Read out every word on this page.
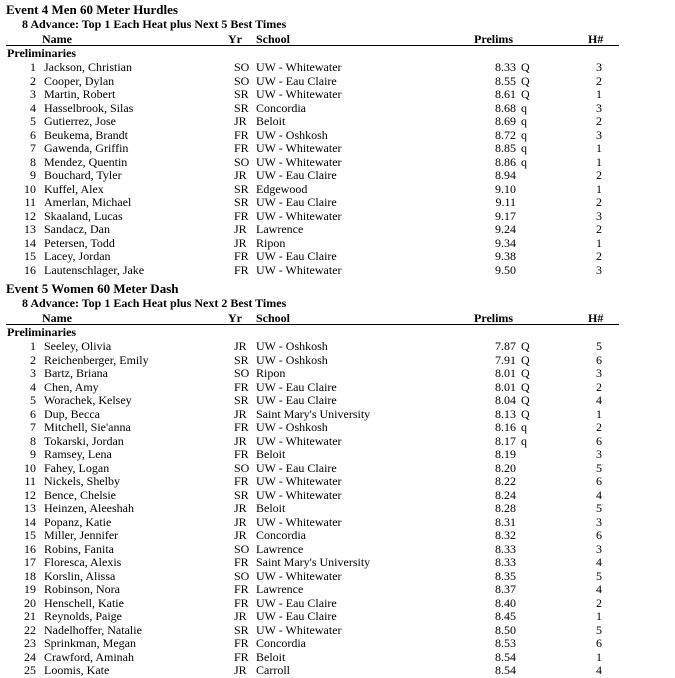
Event 4 Men 60 Meter Hurdles
8 Advance: Top 1 Each Heat plus Next 5 Best Times
Name	Yr School	Prelims	H#
Preliminaries
1 Jackson, Christian	SO UW - Whitewater	8.33 Q	3
2 Cooper, Dylan	SO UW - Eau Claire	8.55 Q	2
3 Martin, Robert	SR UW - Whitewater	8.61 Q	1
4 Hasselbrook, Silas	SR Concordia	8.68 q	3
5 Gutierrez, Jose	JR Beloit	8.69 q	2
6 Beukema, Brandt	FR UW - Oshkosh	8.72 q	3
7 Gawenda, Griffin	FR UW - Whitewater	8.85 q	1
8 Mendez, Quentin	SO UW - Whitewater	8.86 q	1
9 Bouchard, Tyler	JR UW - Eau Claire	8.94	2
10 Kuffel, Alex	SR Edgewood	9.10	1
11 Amerlan, Michael	SR UW - Eau Claire	9.11	2
12 Skaaland, Lucas	FR UW - Whitewater	9.17	3
13 Sandacz, Dan	JR Lawrence	9.24	2
14 Petersen, Todd	JR Ripon	9.34	1
15 Lacey, Jordan	FR UW - Eau Claire	9.38	2
16 Lautenschlager, Jake	FR UW - Whitewater	9.50	3
Event 5 Women 60 Meter Dash
8 Advance: Top 1 Each Heat plus Next 2 Best Times
Name	Yr School	Prelims	H#
Preliminaries
1 Seeley, Olivia	JR UW - Oshkosh	7.87 Q	5
2 Reichenberger, Emily	SR UW - Oshkosh	7.91 Q	6
3 Bartz, Briana	SO Ripon	8.01 Q	3
4 Chen, Amy	FR UW - Eau Claire	8.01 Q	2
5 Worachek, Kelsey	SR UW - Eau Claire	8.04 Q	4
6 Dup, Becca	JR Saint Mary's University	8.13 Q	1
7 Mitchell, Sie'anna	FR UW - Oshkosh	8.16 q	2
8 Tokarski, Jordan	JR UW - Whitewater	8.17 q	6
9 Ramsey, Lena	FR Beloit	8.19	3
10 Fahey, Logan	SO UW - Eau Claire	8.20	5
11 Nickels, Shelby	FR UW - Whitewater	8.22	6
12 Bence, Chelsie	SR UW - Whitewater	8.24	4
13 Heinzen, Aleeshah	JR Beloit	8.28	5
14 Popanz, Katie	JR UW - Whitewater	8.31	3
15 Miller, Jennifer	JR Concordia	8.32	6
16 Robins, Fanita	SO Lawrence	8.33	3
17 Floresca, Alexis	FR Saint Mary's University	8.33	4
18 Korslin, Alissa	SO UW - Whitewater	8.35	5
19 Robinson, Nora	FR Lawrence	8.37	4
20 Henschell, Katie	FR UW - Eau Claire	8.40	2
21 Reynolds, Paige	JR UW - Eau Claire	8.45	1
22 Nadelhoffer, Natalie	SR UW - Whitewater	8.50	5
23 Sprinkman, Megan	FR Concordia	8.53	6
24 Crawford, Aminah	FR Beloit	8.54	1
25 Loomis, Kate	JR Carroll	8.54	4
